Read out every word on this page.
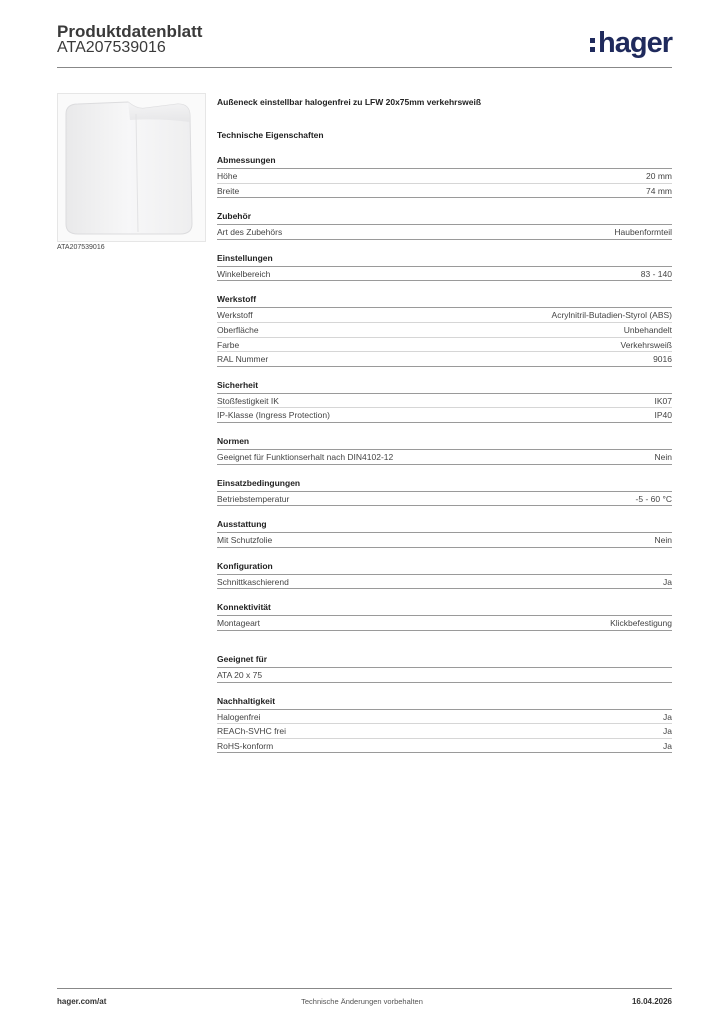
Produktdatenblatt
ATA207539016	hager
ATA207539016
Außeneck einstellbar halogenfrei zu LFW 20x75mm verkehrsweiß
Technische Eigenschaften
Abmessungen
Höhe	20 mm
Breite	74 mm
Zubehör
Art des Zubehörs	Haubenformteil
Einstellungen
Winkelbereich	83 - 140
Werkstoff
Werkstoff	Acrylnitril-Butadien-Styrol (ABS)
Oberfläche	Unbehandelt
Farbe	Verkehrsweiß
RAL Nummer	9016
Sicherheit
Stoßfestigkeit IK	IK07
IP-Klasse (Ingress Protection)	IP40
Normen
Geeignet für Funktionserhalt nach DIN4102-12	Nein
Einsatzbedingungen
Betriebstemperatur	-5 - 60 °C
Ausstattung
Mit Schutzfolie	Nein
Konfiguration
Schnittkaschierend	Ja
Konnektivität
Montageart	Klickbefestigung
Geeignet für
ATA 20 x 75
Nachhaltigkeit
Halogenfrei	Ja
REACh-SVHC frei	Ja
RoHS-konform	Ja
hager.com/at	Technische Änderungen vorbehalten	16.04.2026
